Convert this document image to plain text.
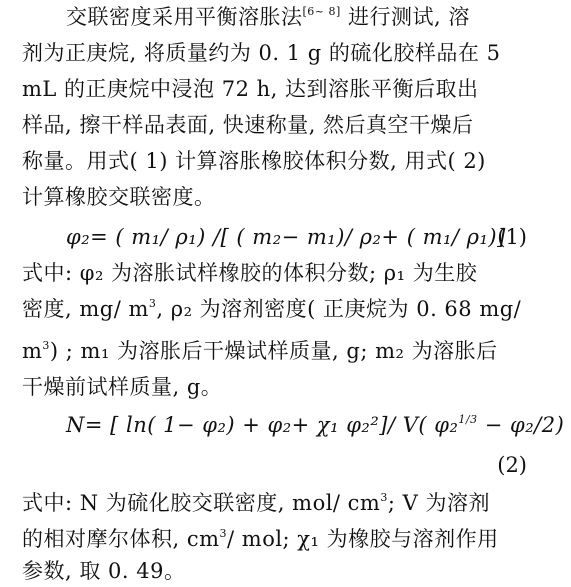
交联密度采用平衡溶胀法[6~ 8] 进行测试, 溶
剂为正庚烷, 将质量约为 0. 1 g 的硫化胶样品在 5
mL 的正庚烷中浸泡 72 h, 达到溶胀平衡后取出
样品, 擦干样品表面, 快速称量, 然后真空干燥后
称量。用式( 1) 计算溶胀橡胶体积分数, 用式( 2)
计算橡胶交联密度。
φ₂= ( m₁/ ρ₁) /[ ( m₂− m₁)/ ρ₂+ ( m₁/ ρ₁)]
(1)
式中: φ₂ 为溶胀试样橡胶的体积分数; ρ₁ 为生胶
密度, mg/ $m^3$, ρ₂ 为溶剂密度( 正庚烷为 0. 68 mg/
$m^3$) ; m₁ 为溶胀后干燥试样质量, g; m₂ 为溶胀后
干燥前试样质量, g。
N= [ ln( 1− φ₂) + φ₂+ χ₁ φ₂²]/ V( φ₂$^{1/3}$ − φ₂/2)
(2)
式中: N 为硫化胶交联密度, mol/ $cm^3$; V 为溶剂
的相对摩尔体积, $cm^3/$ mol; χ₁ 为橡胶与溶剂作用
参数, 取 0. 49。
